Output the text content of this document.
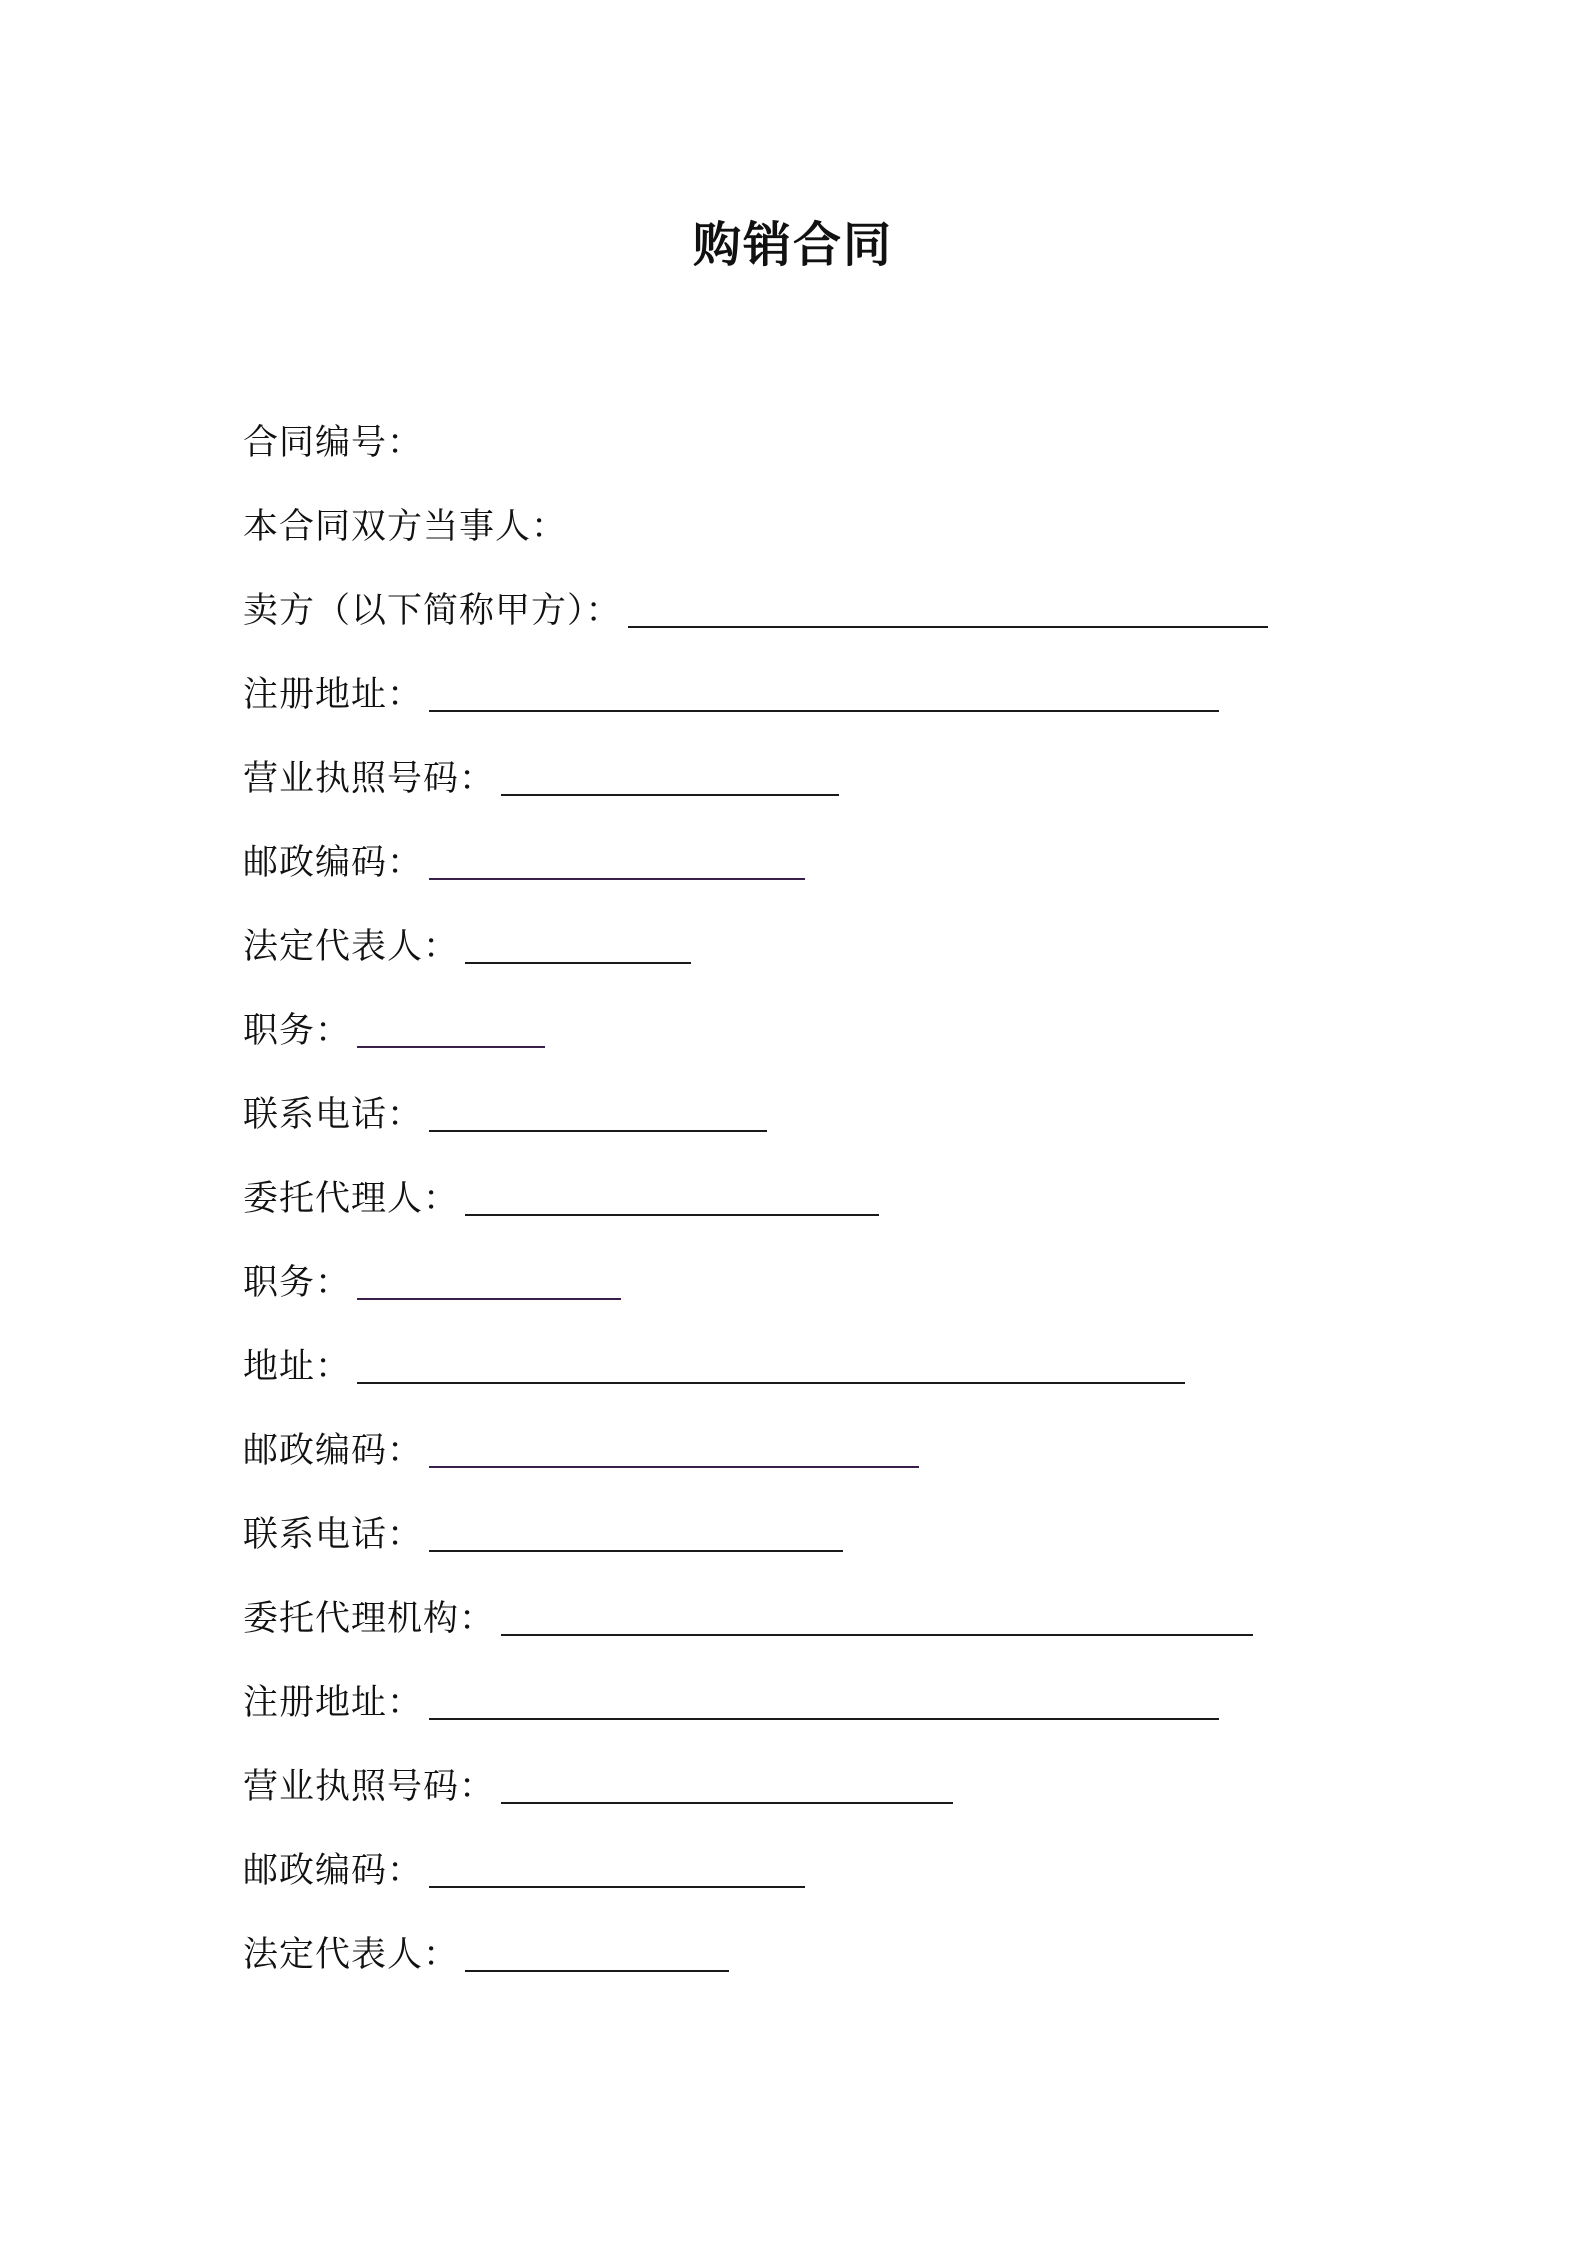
购销合同
合同编号：
本合同双方当事人：
卖方（以下简称甲方）：
注册地址：
营业执照号码：
邮政编码：
法定代表人：
职务：
联系电话：
委托代理人：
职务：
地址：
邮政编码：
联系电话：
委托代理机构：
注册地址：
营业执照号码：
邮政编码：
法定代表人：
